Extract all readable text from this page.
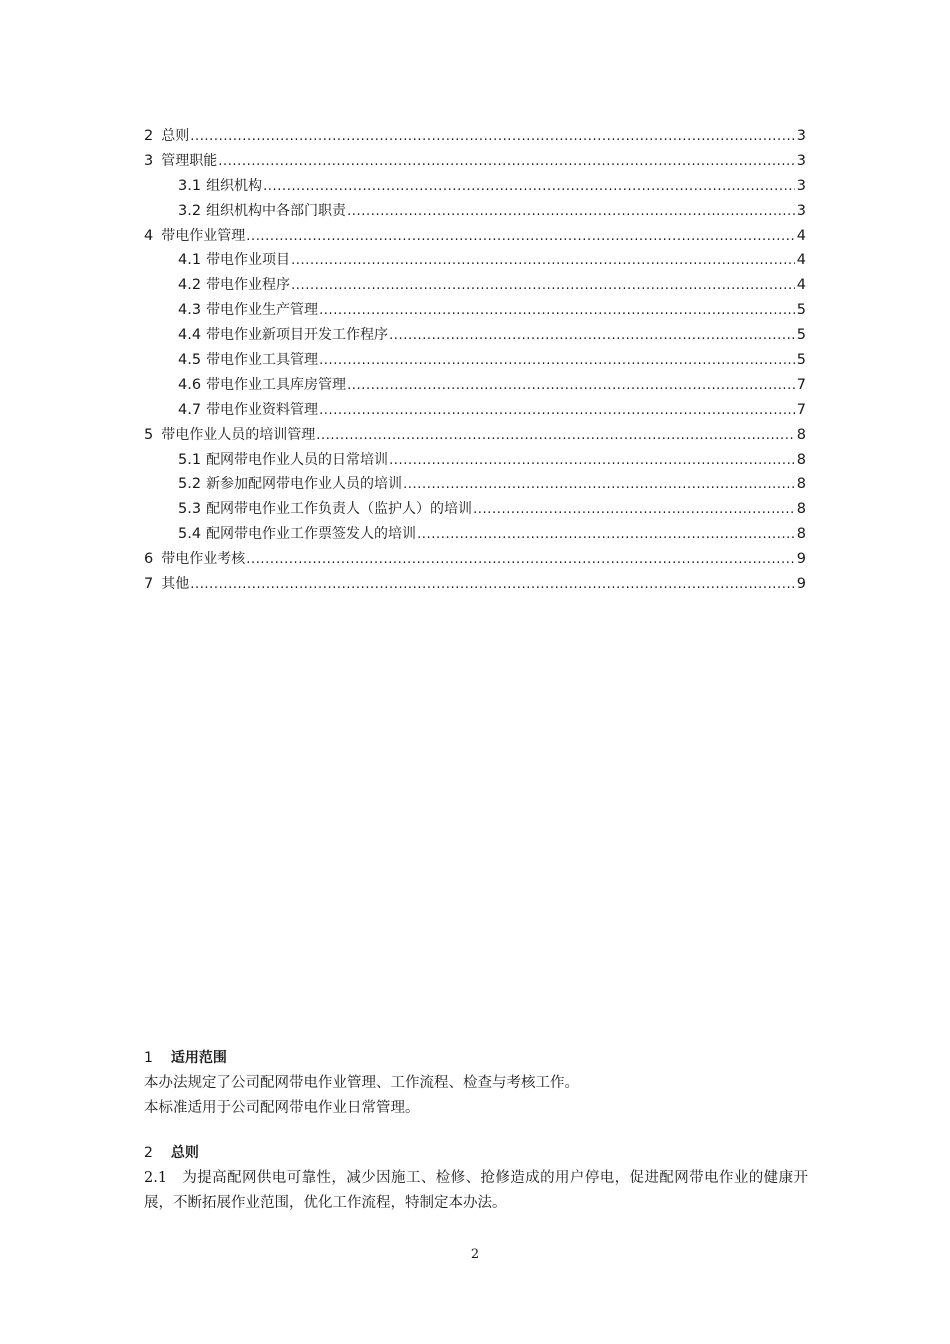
2 总则 .....	3
3 管理职能 .....	3
3.1 组织机构 .....	3
3.2 组织机构中各部门职责 .....	3
4 带电作业管理 .....	4
4.1 带电作业项目 .....	4
4.2 带电作业程序 .....	4
4.3 带电作业生产管理 .....	5
4.4 带电作业新项目开发工作程序 .....	5
4.5 带电作业工具管理 .....	5
4.6 带电作业工具库房管理 .....	7
4.7 带电作业资料管理 .....	7
5 带电作业人员的培训管理 .....	8
5.1 配网带电作业人员的日常培训 .....	8
5.2 新参加配网带电作业人员的培训 .....	8
5.3 配网带电作业工作负责人（监护人）的培训 .....	8
5.4 配网带电作业工作票签发人的培训 .....	8
6 带电作业考核 .....	9
7 其他 .....	9
1 适用范围
本办法规定了公司配网带电作业管理、工作流程、检查与考核工作。
本标准适用于公司配网带电作业日常管理。
2 总则
2.1　为提高配网供电可靠性，减少因施工、检修、抢修造成的用户停电，促进配网带电作业的健康开展，不断拓展作业范围，优化工作流程，特制定本办法。
2
